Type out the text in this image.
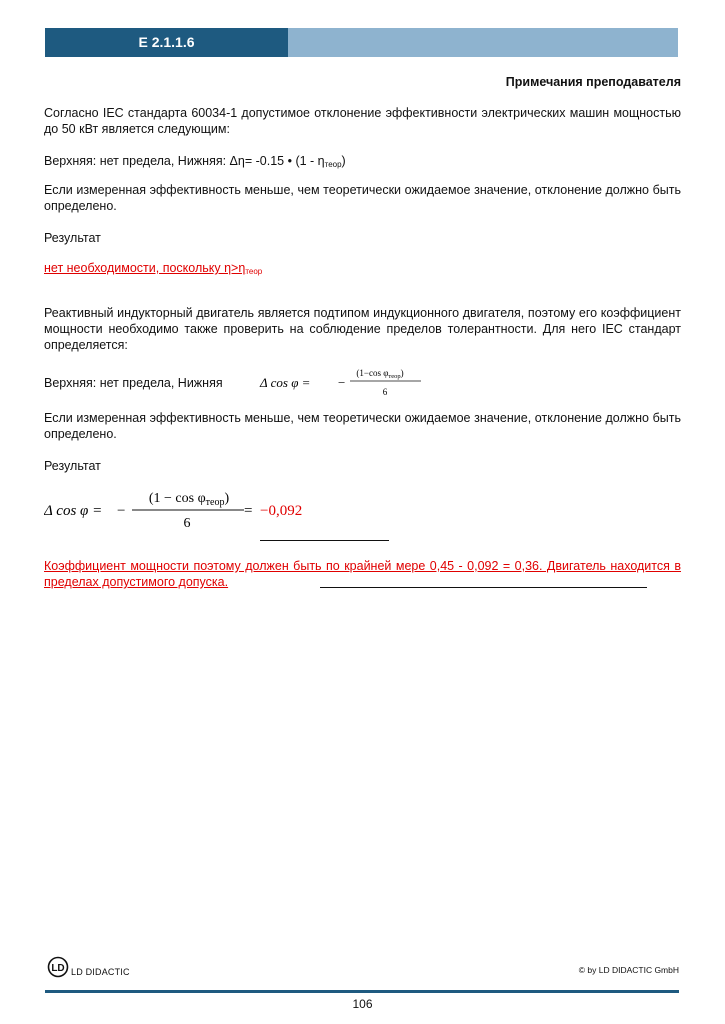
E 2.1.1.6
Примечания преподавателя
Согласно IEC стандарта 60034-1 допустимое отклонение эффективности электрических машин мощностью до 50 кВт является следующим:
Верхняя: нет предела, Нижняя: Δη= -0.15 • $(1 - \eta_{теор})$
Если измеренная эффективность меньше, чем теоретически ожидаемое значение, отклонение должно быть определено.
Результат
нет необходимости, поскольку $\eta>\eta_{теор}$
Реактивный индукторный двигатель является подтипом индукционного двигателя, поэтому его коэффициент мощности необходимо также проверить на соблюдение пределов толерантности. Для него IEC стандарт определяется:
Верхняя: нет предела, Нижняя	Δ cos φ = −
(1−cos $\varphi_{теор}$)
6
Если измеренная эффективность меньше, чем теоретически ожидаемое значение, отклонение должно быть определено.
Результат
Δ cos φ = −
$(1 - \cos \varphi_{теор})$
6
= −0,092
Коэффициент мощности поэтому должен быть по крайней мере 0,45 - 0,092 = 0,36. Двигатель находится в пределах допустимого допуска.
LD LD DIDACTIC	© by LD DIDACTIC GmbH
106
